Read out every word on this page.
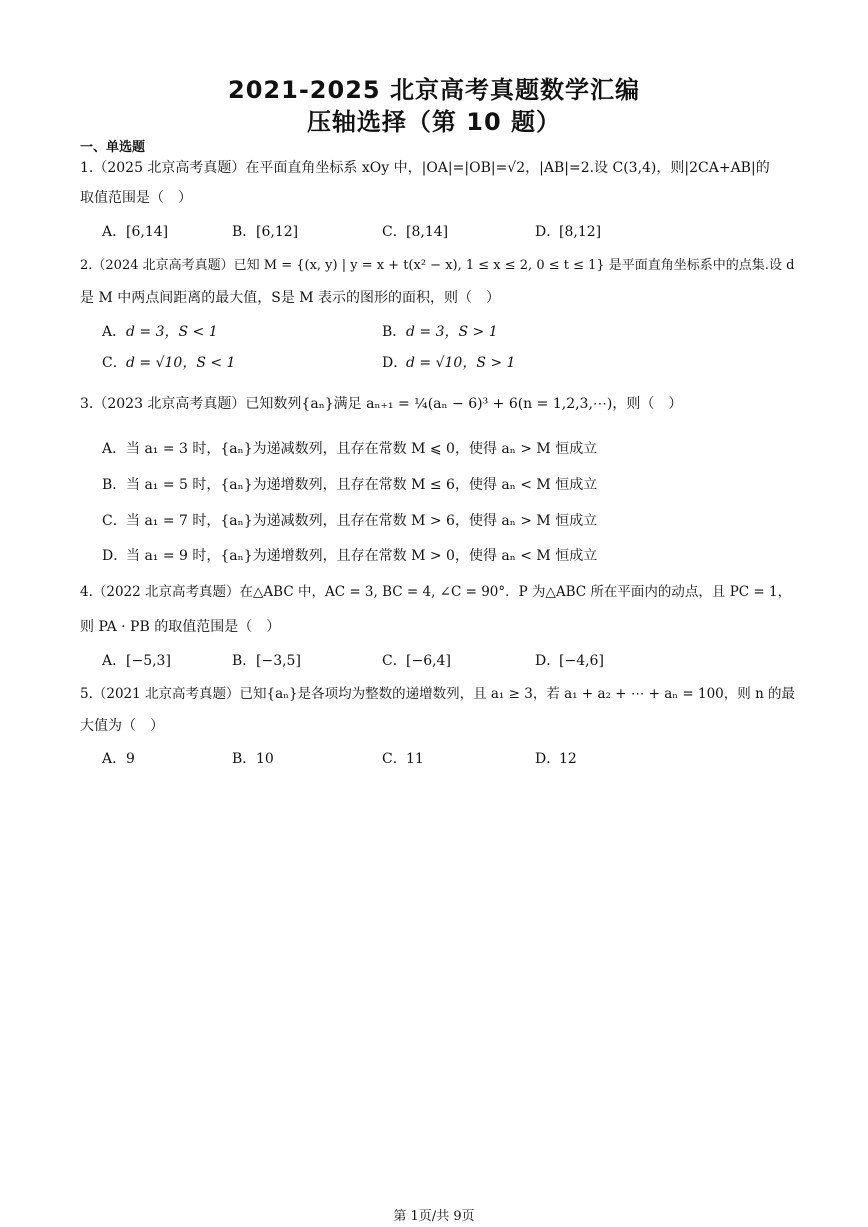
2021-2025 北京高考真题数学汇编
压轴选择（第 10 题）
一、单选题
1.（2025 北京高考真题）在平面直角坐标系 xOy 中，|OA|=|OB|=√2，|AB|=2.设 C(3,4)，则|2CA+AB|的
取值范围是（　）
A．[6,14]	B．[6,12]	C．[8,14]	D．[8,12]
2.（2024 北京高考真题）已知 M = {(x, y) | y = x + t(x² − x), 1 ≤ x ≤ 2, 0 ≤ t ≤ 1} 是平面直角坐标系中的点集.设 d
是 M 中两点间距离的最大值，S是 M 表示的图形的面积，则（　）
A．d = 3，S < 1	B．d = 3，S > 1
C．d = √10，S < 1	D．d = √10，S > 1
3.（2023 北京高考真题）已知数列{aₙ}满足 aₙ₊₁ = ¼(aₙ − 6)³ + 6(n = 1,2,3,⋯)，则（　）
A．当 a₁ = 3 时，{aₙ}为递减数列，且存在常数 M ⩽ 0，使得 aₙ > M 恒成立
B．当 a₁ = 5 时，{aₙ}为递增数列，且存在常数 M ≤ 6，使得 aₙ < M 恒成立
C．当 a₁ = 7 时，{aₙ}为递减数列，且存在常数 M > 6，使得 aₙ > M 恒成立
D．当 a₁ = 9 时，{aₙ}为递增数列，且存在常数 M > 0，使得 aₙ < M 恒成立
4.（2022 北京高考真题）在△ABC 中，AC = 3, BC = 4, ∠C = 90°．P 为△ABC 所在平面内的动点，且 PC = 1，
则 PA · PB 的取值范围是（　）
A．[−5,3]	B．[−3,5]	C．[−6,4]	D．[−4,6]
5.（2021 北京高考真题）已知{aₙ}是各项均为整数的递增数列，且 a₁ ≥ 3，若 a₁ + a₂ + ⋯ + aₙ = 100，则 n 的最
大值为（　）
A．9	B．10	C．11	D．12
第 1页/共 9页
